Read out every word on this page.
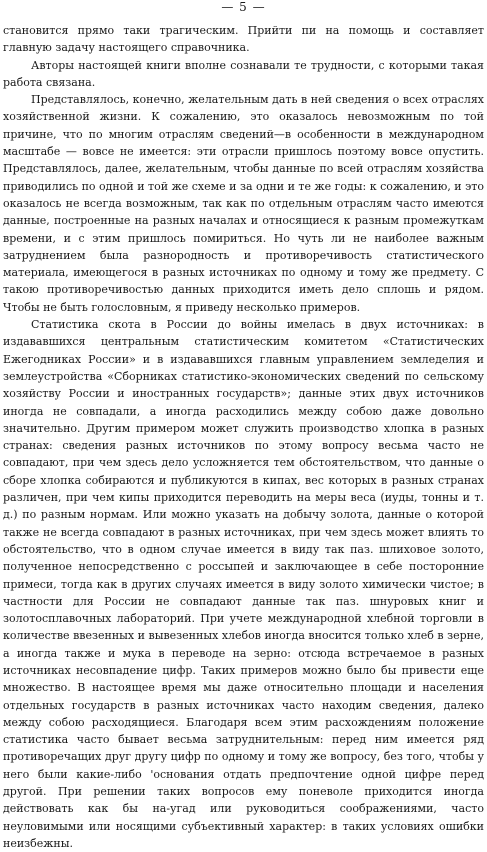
— 5 —

становится прямо таки трагическим. Прийти пи на помощь и составляет главную задачу настоящего справочника.

Авторы настоящей книги вполне сознавали те трудности, с которыми такая работа связана.

Представлялось, конечно, желательным дать в ней сведения о всех отраслях хозяйственной жизни. К сожалению, это оказалось невозможным по той причине, что по многим отраслям сведений—в особенности в международном масштабе — вовсе не имеется: эти отрасли пришлось поэтому вовсе опустить. Представлялось, далее, желательным, чтобы данные по всей отраслям хозяйства приводились по одной и той же схеме и за одни и те же годы: к сожалению, и это оказалось не всегда возможным, так как по отдельным отраслям часто имеются данные, построенные на разных началах и относящиеся к разным промежуткам времени, и с этим пришлось помириться. Но чуть ли не наиболее важным затруднением была разнородность и противоречивость статистического материала, имеющегося в разных источниках по одному и тому же предмету. С такою противоречивостью данных приходится иметь дело сплошь и рядом. Чтобы не быть голословным, я приведу несколько примеров.

Статистика скота в России до войны имелась в двух источниках: в издававшихся центральным статистическим комитетом «Статистических Ежегодниках России» и в издававшихся главным управлением земледелия и землеустройства «Сборниках статистико-экономических сведений по сельскому хозяйству России и иностранных государств»; данные этих двух источников иногда не совпадали, а иногда расходились между собою даже довольно значительно. Другим примером может служить производство хлопка в разных странах: сведения разных источников по этому вопросу весьма часто не совпадают, при чем здесь дело усложняется тем обстоятельством, что данные о сборе хлопка собираются и публикуются в кипах, вес которых в разных странах различен, при чем кипы приходится переводить на меры веса (иуды, тонны и т. д.) по разным нормам. Или можно указать на добычу золота, данные о которой также не всегда совпадают в разных источниках, при чем здесь может влиять то обстоятельство, что в одном случае имеется в виду так паз. шлиховое золото, полученное непосредственно с россыпей и заключающее в себе посторонние примеси, тогда как в других случаях имеется в виду золото химически чистое; в частности для России не совпадают данные так паз. шнуровых книг и золотосплавочных лабораторий. При учете международной хлебной торговли в количестве ввезенных и вывезенных хлебов иногда вносится только хлеб в зерне, а иногда также и мука в переводе на зерно: отсюда встречаемое в разных источниках несовпадение цифр. Таких примеров можно было бы привести еще множество. В настоящее время мы даже относительно площади и населения отдельных государств в разных источниках часто находим сведения, далеко между собою расходящиеся. Благодаря всем этим расхождениям положение статистика часто бывает весьма затруднительным: перед ним имеется ряд противоречащих друг другу цифр по одному и тому же вопросу, без того, чтобы у него были какие-либо 'основания отдать предпочтение одной цифре перед другой. При решении таких вопросов ему поневоле приходится иногда действовать как бы на-угад или руководиться соображениями, часто неуловимыми или носящими субъективный характер: в таких условиях ошибки неизбежны.
